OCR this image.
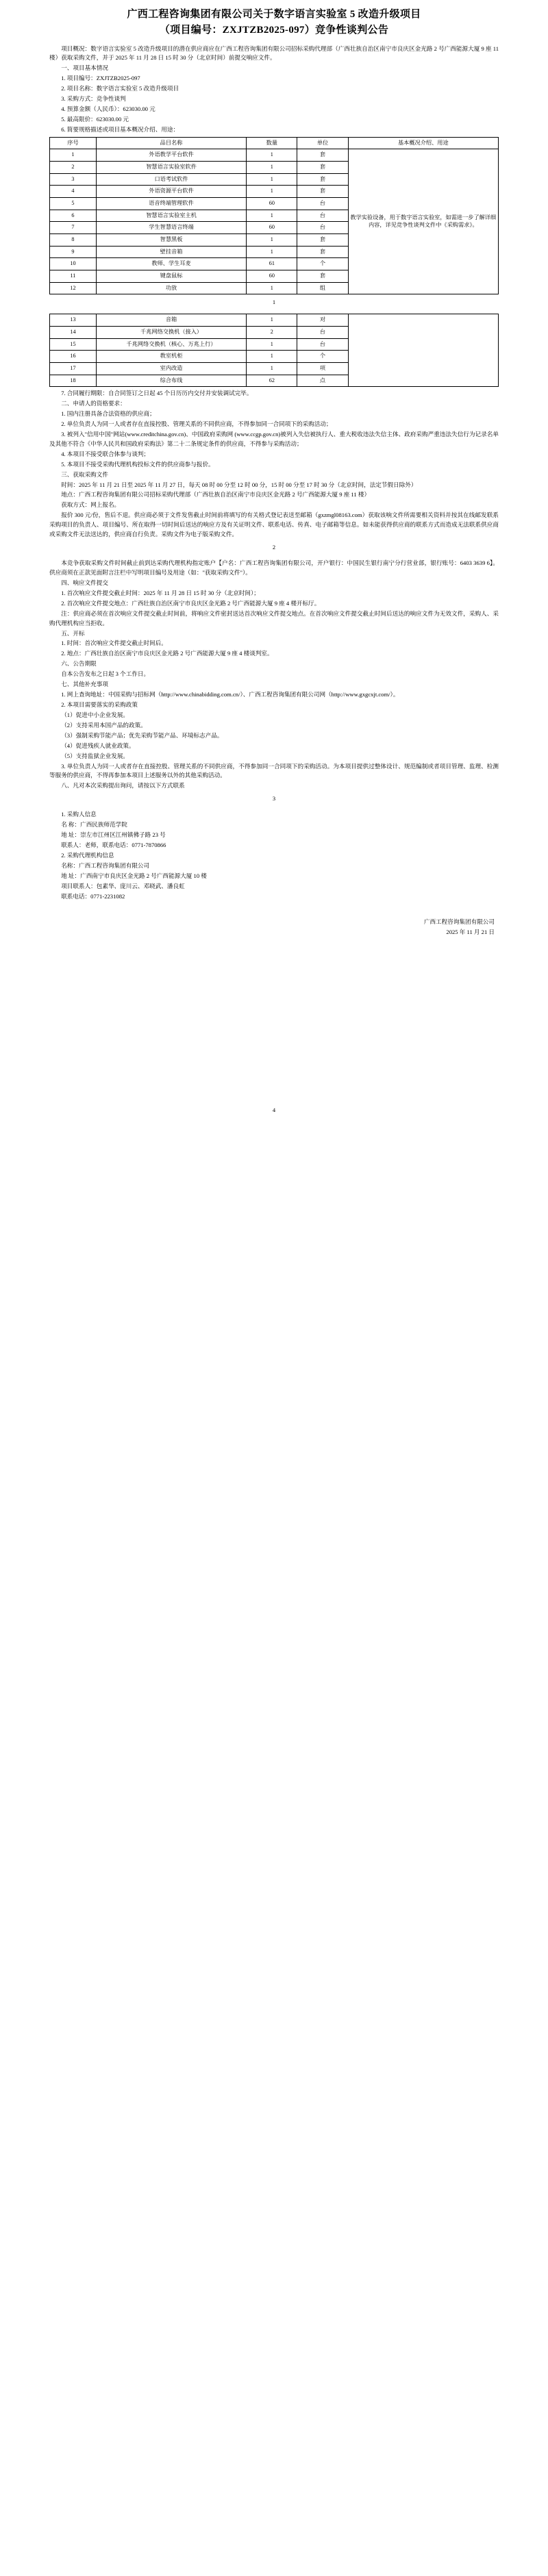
广西工程咨询集团有限公司关于数字语言实验室 5 改造升级项目
（项目编号：ZXJTZB2025-097）竞争性谈判公告

项目概况：数字语言实验室 5 改造升级项目的潜在供应商应在广西工程咨询集团有限公司招标采购代理部（广西壮族自治区南宁市良庆区金光路 2 号广西能源大厦 9 座 11 楼）获取采购文件，并于 2025 年 11 月 28 日 15 时 30 分（北京时间）前提交响应文件。

一、项目基本情况

1. 项目编号：ZXJTZB2025-097

2. 项目名称：数字语言实验室 5 改造升级项目

3. 采购方式：竞争性谈判

4. 预算金额（人民币）：623030.00 元

5. 最高限价：623030.00 元

6. 简要规格描述或项目基本概况介绍、用途：

序号	品目名称	数量	单位	基本概况介绍、用途
1	外语教学平台软件	1	套	教学实验设备，用于数字语言实验室，如需进一步了解详细内容，详见竞争性谈判文件中《采购需求》。
2	智慧语言实验室软件	1	套	
3	口语考试软件	1	套	
4	外语资源平台软件	1	套	
5	语音终端管理软件	60	台	
6	智慧语言实验室主机	1	台	
7	学生智慧语言终端	60	台	
8	智慧黑板	1	套	
9	壁挂音箱	1	套	
10	教师、学生耳麦	61	个	
11	键盘鼠标	60	套	
12	功放	1	组	
1
13	音箱	1	对	
14	千兆网络交换机（接入）	2	台	
15	千兆网络交换机（核心、万兆上行）	1	台	
16	教室机柜	1	个	
17	室内改造	1	项	
18	综合布线	62	点	

7. 合同履行期限：自合同签订之日起 45 个日历历内交付并安装调试完毕。

二、申请人的资格要求：

1. 国内注册具备合法资格的供应商；

2. 单位负责人为同一人或者存在直接控股、管理关系的不同供应商，不得参加同一合同项下的采购活动；

3. 被列入"信用中国"网站(www.creditchina.gov.cn)、中国政府采购网 (www.ccgp.gov.cn)被列入失信被执行人、重大税收违法失信主体、政府采购严重违法失信行为记录名单及其他不符合《中华人民共和国政府采购法》第二十二条规定条件的供应商，不得参与采购活动；

4. 本项目不接受联合体参与谈判；

5. 本项目不接受采购代理机构投标文件的供应商参与报价。

三、获取采购文件

时间：2025 年 11 月 21 日至 2025 年 11 月 27 日，每天 08 时 00 分至 12 时 00 分，15 时 00 分至 17 时 30 分（北京时间，法定节假日除外）

地点：广西工程咨询集团有限公司招标采购代理部（广西壮族自治区南宁市良庆区金光路 2 号广西能源大厦 9 座 11 楼）

获取方式：网上报名。

报价 300 元/份，售后不退。供应商必须于文件发售截止时间前将填写的有关格式登记表送至邮箱（gxzmgl08163.com）获取该响文件所需要相关资料并按其在线邮发联系采购项目的负责人、项目编号、所在取得一切时间后送达的响应方及有关证明文件、联系电话、传真、电子邮箱等信息。如未能获得供应商的联系方式而造成无法联系供应商或采购文件无法送达的，供应商自行负责。采购文件为电子版采购文件。

2

本竞争获取采购文件时间截止前到达采购代理机构指定账户【户名：广西工程咨询集团有限公司，开户银行：中国民生银行南宁分行营业部，银行账号：6403 3639 6】。供应商须在正款见面附言注栏中写明项目编号及用途（如："获取采购文件"）。

四、响应文件提交

1. 首次响应文件提交截止时间：2025 年 11 月 28 日 15 时 30 分（北京时间）；

2. 首次响应文件提交地点：广西壮族自治区南宁市良庆区金光路 2 号广西能源大厦 9 座 4 楼开标厅。

注：供应商必须在首次响应文件提交截止时间前，将响应文件密封送达首次响应文件提交地点。在首次响应文件提交截止时间后送达的响应文件为无效文件，采购人、采购代理机构应当拒收。

五、开标

1. 时间：首次响应文件提交截止时间后。

2. 地点：广西壮族自治区南宁市良庆区金光路 2 号广西能源大厦 9 座 4 楼谈判室。

六、公告期限

自本公告发布之日起 3 个工作日。

七、其他补充事项

1. 网上查询地址：中国采购与招标网（http://www.chinabidding.com.cn/）、广西工程咨询集团有限公司网（http://www.gxgcxjt.com/）。

2. 本项目需要落实的采购政策

（1）促进中小企业发展。

（2）支持采用本国产品的政策。

（3）强制采购节能产品；优先采购节能产品、环境标志产品。

（4）促进残疾人就业政策。

（5）支持监狱企业发展。

3. 单位负责人为同一人或者存在直接控股、管理关系的不同供应商，不得参加同一合同项下的采购活动。为本项目提供过整体设计、规范编制或者项目管理、监理、检测等服务的供应商，不得再参加本项目上述服务以外的其他采购活动。

八、凡对本次采购提出询问，请按以下方式联系

3

1. 采购人信息

名 称：广西民族师范学院

地 址：崇左市江州区江州镇佛子路 23 号

联系人：老师，联系电话：0771-7870866

2. 采购代理机构信息

名称：广西工程咨询集团有限公司

地 址：广西南宁市良庆区金光路 2 号广西能源大厦 10 楼

项目联系人：包素华、庞川云、邓晓武、潘良虹

联系电话：0771-2231082

广西工程咨询集团有限公司
2025 年 11 月 21 日
4
